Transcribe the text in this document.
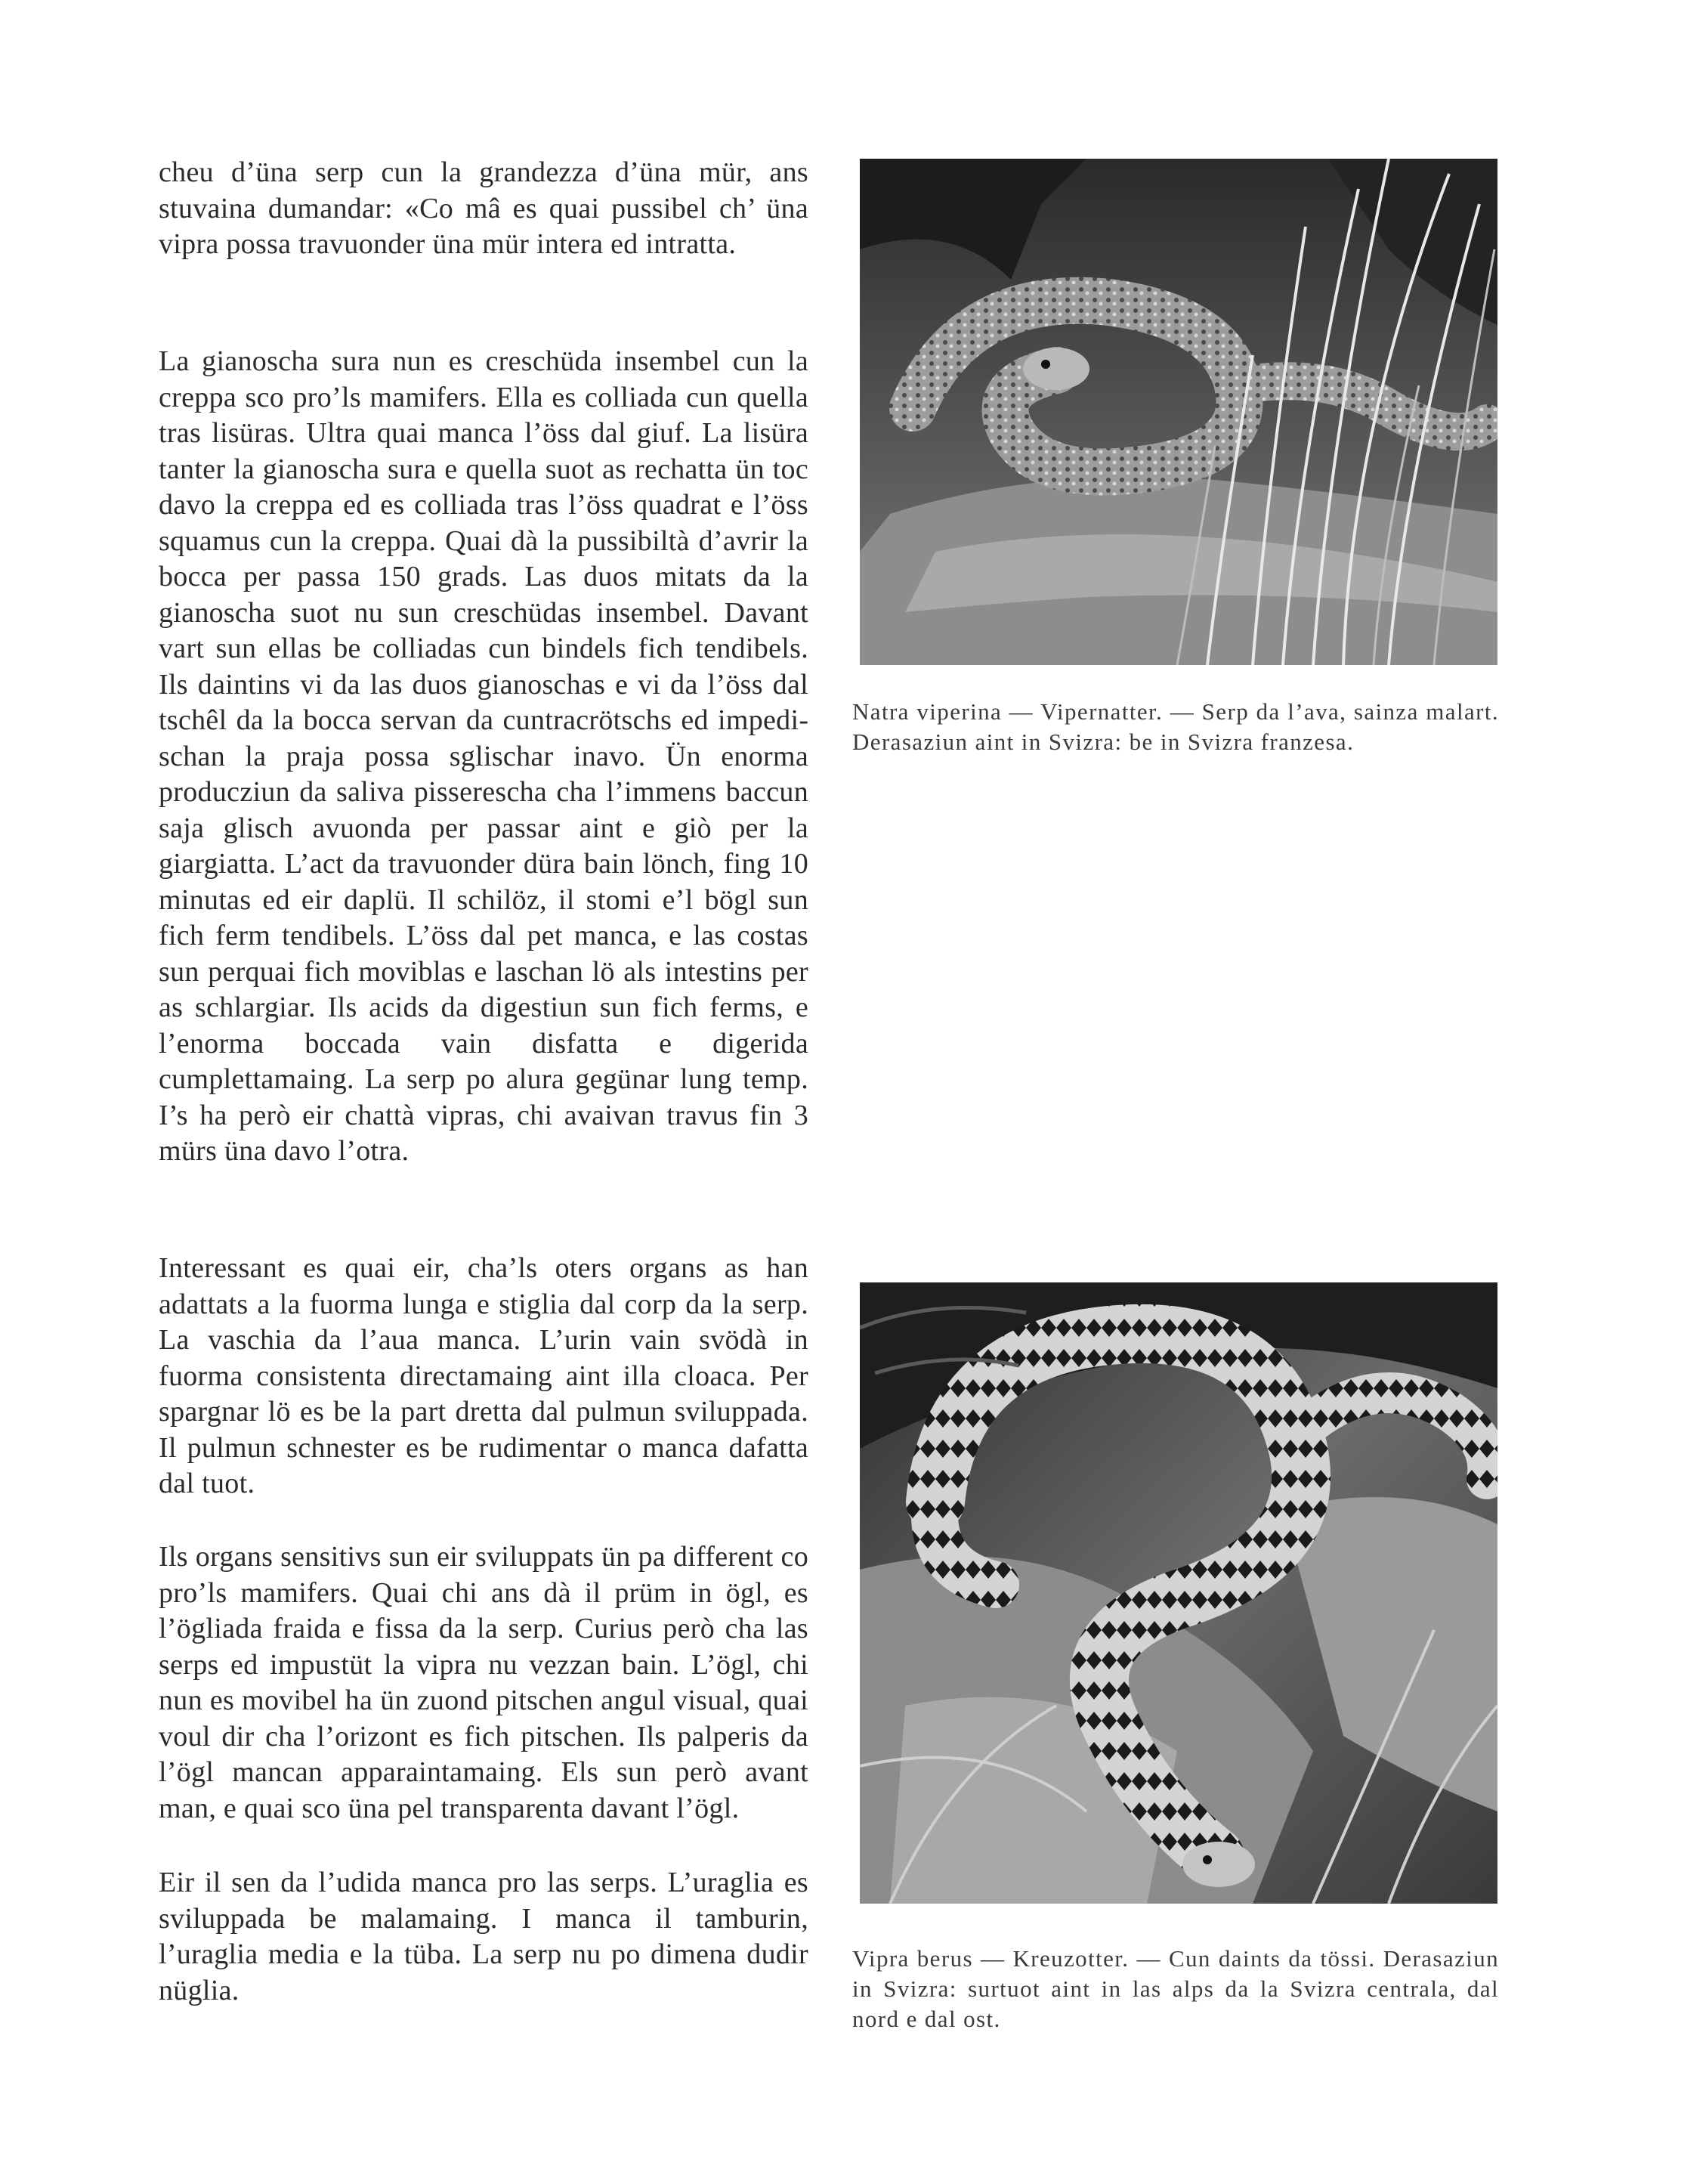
cheu d’üna serp cun la grandezza d’üna mür, ans stuvaina dumandar: «Co mâ es quai pussibel ch’ üna vipra possa travuonder üna mür intera ed intratta.

La gianoscha sura nun es creschüda insembel cun la creppa sco pro’ls mamifers. Ella es colliada cun quella tras lisüras. Ultra quai manca l’öss dal giuf. La lisüra tanter la gianoscha sura e quella suot as rechatta ün toc davo la creppa ed es colliada tras l’öss quadrat e l’öss squamus cun la creppa. Quai dà la pussibiltà d’avrir la bocca per passa 150 grads. Las duos mitats da la gianoscha suot nu sun creschüdas insembel. Davant vart sun ellas be colliadas cun bindels fich tendibels. Ils daintins vi da las duos gianoschas e vi da l’öss dal tschêl da la bocca servan da cuntracrötschs ed impedischan la praja possa sglischar inavo. Ün enorma producziun da saliva pisserescha cha l’immens baccun saja glisch avuonda per passar aint e giò per la giargiatta. L’act da travuonder düra bain lönch, fing 10 minutas ed eir daplü. Il schilöz, il stomi e’l bögl sun fich ferm tendibels. L’öss dal pet manca, e las costas sun perquai fich moviblas e laschan lö als intestins per as schlargiar. Ils acids da digestiun sun fich ferms, e l’enorma boccada vain disfatta e digerida cumplettamaing. La serp po alura gegünar lung temp. I’s ha però eir chattà vipras, chi avaivan travus fin 3 mürs üna davo l’otra.

Interessant es quai eir, cha’ls oters organs as han adattats a la fuorma lunga e stiglia dal corp da la serp. La vaschia da l’aua manca. L’urin vain svödà in fuorma consistenta directamaing aint illa cloaca. Per spargnar lö es be la part dretta dal pulmun sviluppada. Il pulmun schnester es be rudimentar o manca dafatta dal tuot.

Ils organs sensitivs sun eir sviluppats ün pa different co pro’ls mamifers. Quai chi ans dà il prüm in ögl, es l’ögliada fraida e fissa da la serp. Curius però cha las serps ed impustüt la vipra nu vezzan bain. L’ögl, chi nun es movibel ha ün zuond pitschen angul visual, quai voul dir cha l’orizont es fich pitschen. Ils palperis da l’ögl mancan apparaintamaing. Els sun però avant man, e quai sco üna pel transparenta davant l’ögl.

Eir il sen da l’udida manca pro las serps. L’uraglia es sviluppada be malamaing. I manca il tamburin, l’uraglia media e la tüba. La serp nu po dimena dudir nüglia.

Natra viperina — Vipernatter. — Serp da l’ava, sainza malart. Derasaziun aint in Svizra: be in Svizra franzesa.

Vipra berus — Kreuzotter. — Cun daints da tössi. Derasaziun in Svizra: surtuot aint in las alps da la Svizra centrala, dal nord e dal ost.
